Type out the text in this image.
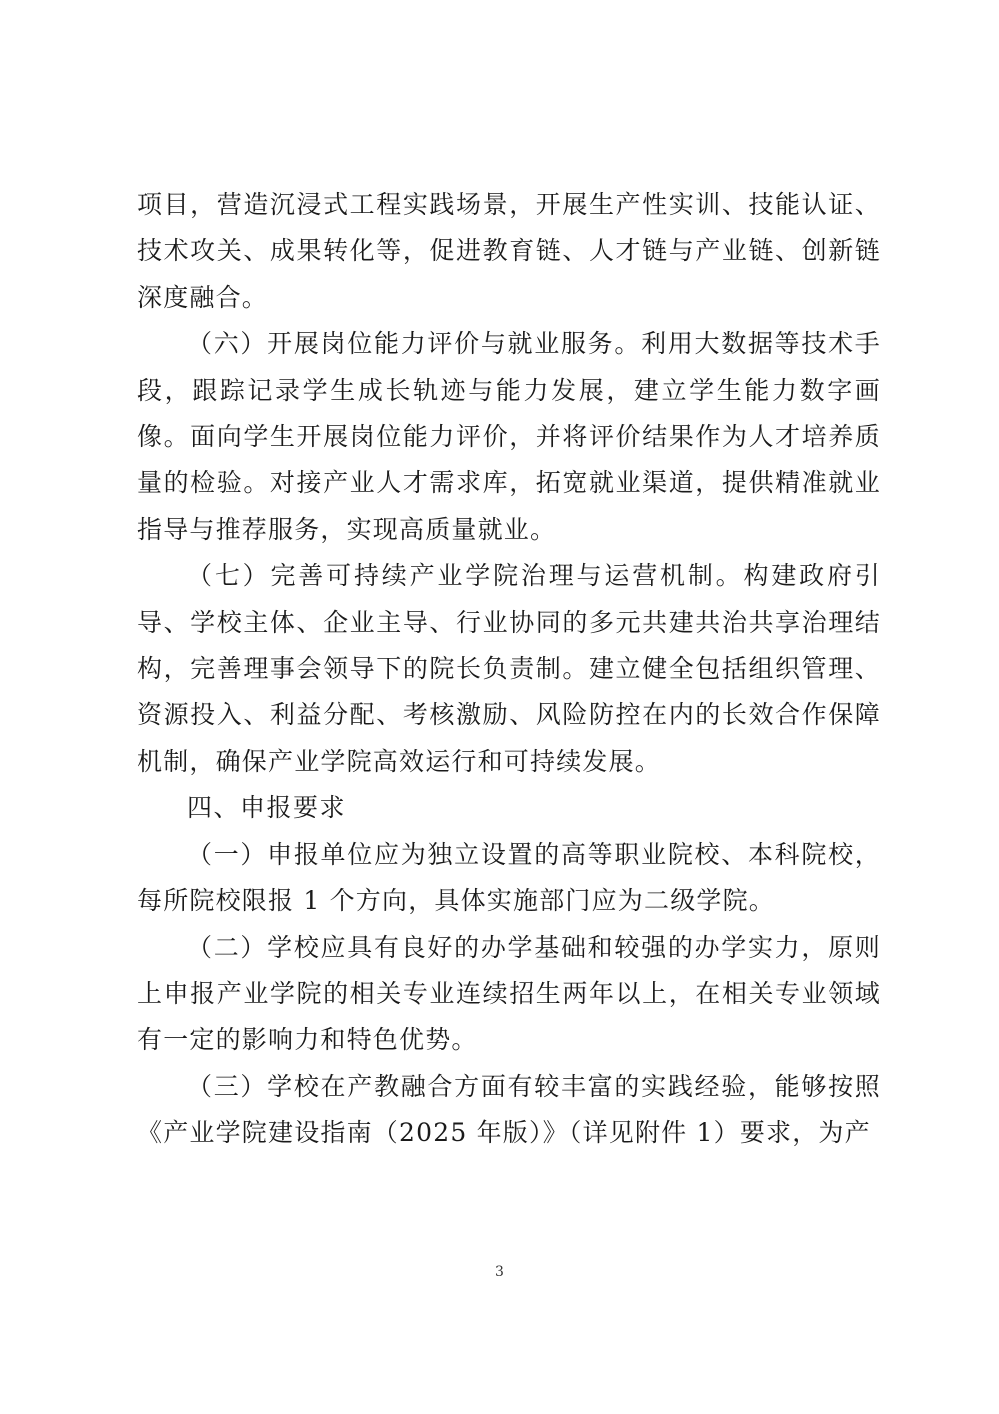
项目，营造沉浸式工程实践场景，开展生产性实训、技能认证、技术攻关、成果转化等，促进教育链、人才链与产业链、创新链深度融合。

（六）开展岗位能力评价与就业服务。利用大数据等技术手段，跟踪记录学生成长轨迹与能力发展，建立学生能力数字画像。面向学生开展岗位能力评价，并将评价结果作为人才培养质量的检验。对接产业人才需求库，拓宽就业渠道，提供精准就业指导与推荐服务，实现高质量就业。

（七）完善可持续产业学院治理与运营机制。构建政府引导、学校主体、企业主导、行业协同的多元共建共治共享治理结构，完善理事会领导下的院长负责制。建立健全包括组织管理、资源投入、利益分配、考核激励、风险防控在内的长效合作保障机制，确保产业学院高效运行和可持续发展。

四、申报要求

（一）申报单位应为独立设置的高等职业院校、本科院校，每所院校限报 1 个方向，具体实施部门应为二级学院。

（二）学校应具有良好的办学基础和较强的办学实力，原则上申报产业学院的相关专业连续招生两年以上，在相关专业领域有一定的影响力和特色优势。

（三）学校在产教融合方面有较丰富的实践经验，能够按照《产业学院建设指南（2025 年版）》（详见附件 1）要求，为产

3
